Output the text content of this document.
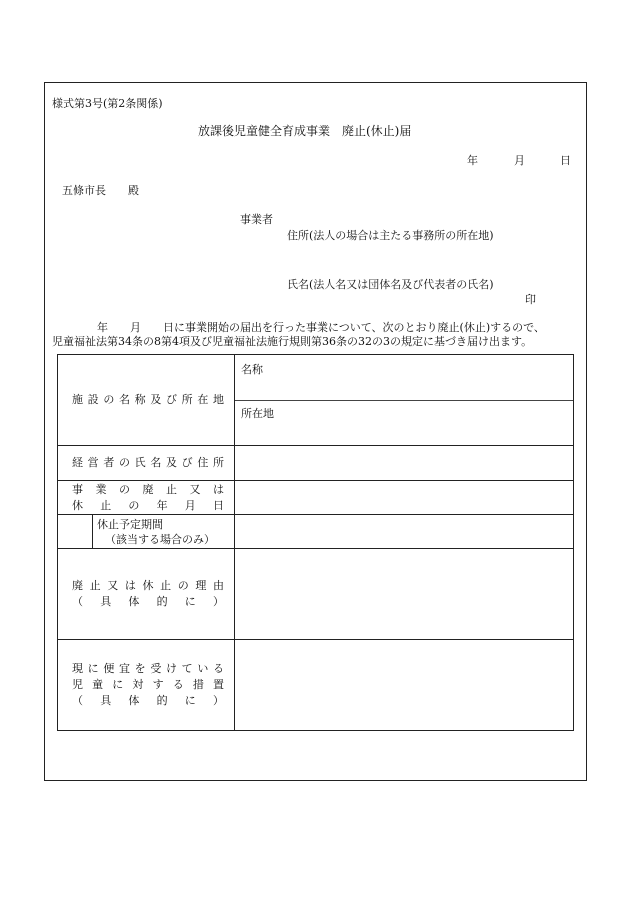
様式第3号(第2条関係)
放課後児童健全育成事業　廃止(休止)届
年	月	日
五條市長　　殿
事業者
住所(法人の場合は主たる事務所の所在地)
氏名(法人名又は団体名及び代表者の氏名)
印
年　　月　　日に事業開始の届出を行った事業について、次のとおり廃止(休止)するので、
児童福祉法第34条の8第4項及び児童福祉法施行規則第36条の32の3の規定に基づき届け出ます。
施設の名称及び所在地		名称
所在地

経営者の氏名及び住所		

事業の廃止又は
休止の年月日		

	休止予定期間
（該当する場合のみ）	

廃止又は休止の理由
（具体的に）		

現に便宜を受けている
児童に対する措置
（具体的に）		
